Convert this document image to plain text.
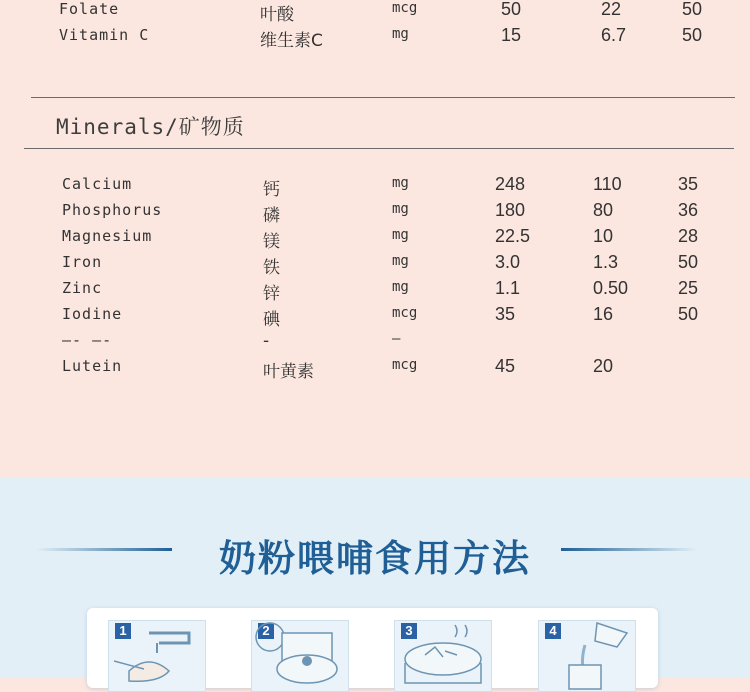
Folate	叶酸	mcg	50	22	50
Vitamin C	维生素C	mg	15	6.7	50
Minerals/矿物质
Calcium	钙	mg	248	110	35
Phosphorus	磷	mg	180	80	36
Magnesium	镁	mg	22.5	10	28
Iron	铁	mg	3.0	1.3	50
Zinc	锌	mg	1.1	0.50	25
Iodine	碘	mcg	35	16	50
—- —-	-	—
Lutein	叶黄素	mcg	45	20
奶粉喂哺食用方法
1	2	3	4
